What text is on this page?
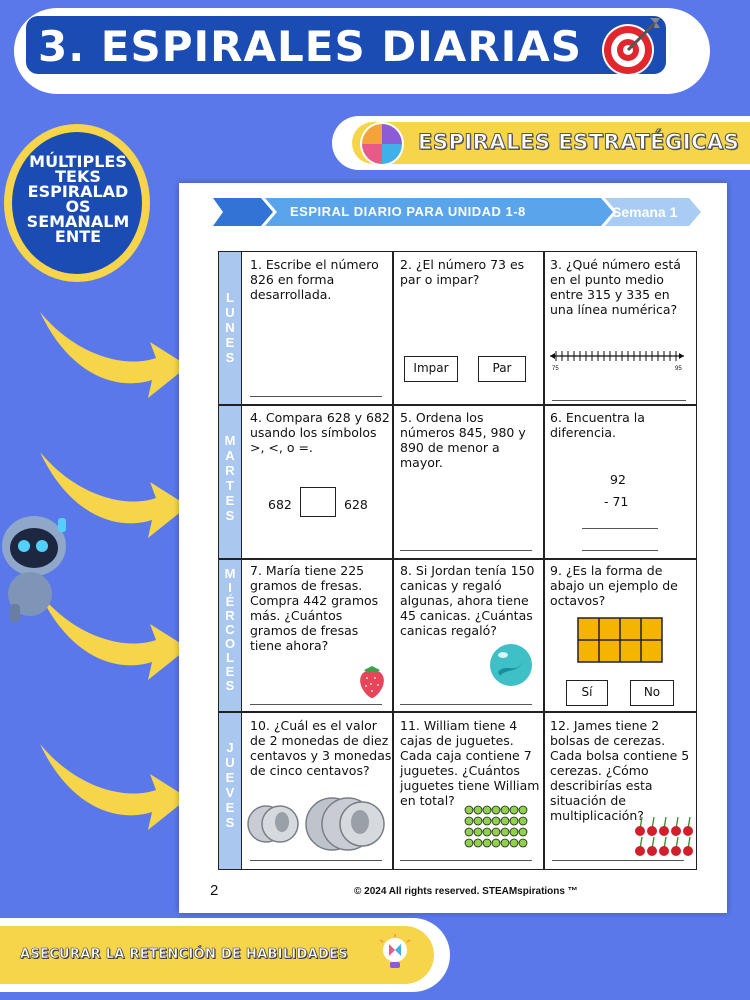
3. ESPIRALES DIARIAS
ESPIRALES ESTRATÉGICAS
MÚLTIPLES
TEKS
ESPIRALAD
OS
SEMANALM
ENTE
ESPIRAL DIARIO PARA UNIDAD 1-8	Semana 1
L U N E S
M A R T E S
M I É R C O L E S
J U E V E S
1. Escribe el número 826 en forma desarrollada.
2. ¿El número 73 es par o impar?
Impar	Par
3. ¿Qué número está en el punto medio entre 315 y 335 en una línea numérica?
75	95
4. Compara 628 y 682 usando los símbolos >, <, o =.
682	628
5. Ordena los números 845, 980 y 890 de menor a mayor.
6. Encuentra la diferencia.
92
- 71
7. María tiene 225 gramos de fresas. Compra 442 gramos más. ¿Cuántos gramos de fresas tiene ahora?
8. Si Jordan tenía 150 canicas y regaló algunas, ahora tiene 45 canicas. ¿Cuántas canicas regaló?
9. ¿Es la forma de abajo un ejemplo de octavos?
Sí	No
10. ¿Cuál es el valor de 2 monedas de diez centavos y 3 monedas de cinco centavos?
11. William tiene 4 cajas de juguetes. Cada caja contiene 7 juguetes. ¿Cuántos juguetes tiene William en total?
12. James tiene 2 bolsas de cerezas. Cada bolsa contiene 5 cerezas. ¿Cómo describirías esta situación de multiplicación?
2	© 2024 All rights reserved. STEAMspirations ™
ASECURAR LA RETENCIÓN DE HABILIDADES
